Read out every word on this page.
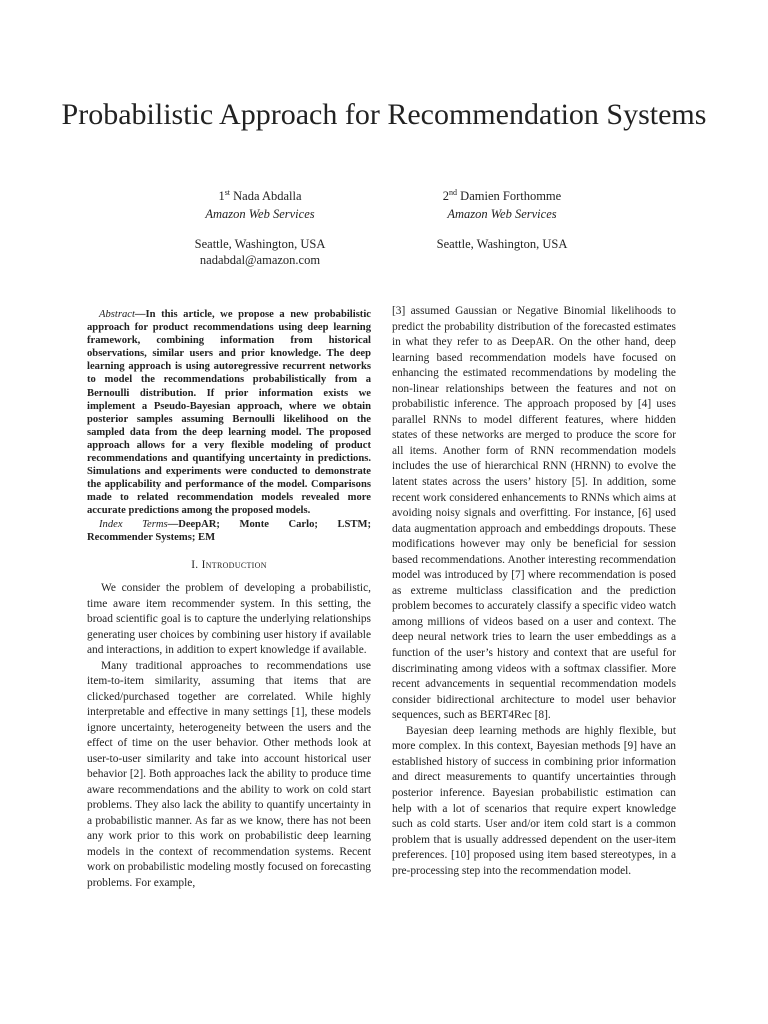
Probabilistic Approach for Recommendation Systems
1st Nada Abdalla
Amazon Web Services
Seattle, Washington, USA
nadabdal@amazon.com
2nd Damien Forthomme
Amazon Web Services
Seattle, Washington, USA

Abstract—In this article, we propose a new probabilistic approach for product recommendations using deep learning framework, combining information from historical observations, similar users and prior knowledge. The deep learning approach is using autoregressive recurrent networks to model the recommendations probabilistically from a Bernoulli distribution. If prior information exists we implement a Pseudo-Bayesian approach, where we obtain posterior samples assuming Bernoulli likelihood on the sampled data from the deep learning model. The proposed approach allows for a very flexible modeling of product recommendations and quantifying uncertainty in predictions. Simulations and experiments were conducted to demonstrate the applicability and performance of the model. Comparisons made to related recommendation models revealed more accurate predictions among the proposed models.

Index Terms—DeepAR; Monte Carlo; LSTM; Recommender Systems; EM

I. Introduction

We consider the problem of developing a probabilistic, time aware item recommender system. In this setting, the broad scientific goal is to capture the underlying relationships generating user choices by combining user history if available and interactions, in addition to expert knowledge if available.

Many traditional approaches to recommendations use item-to-item similarity, assuming that items that are clicked/purchased together are correlated. While highly interpretable and effective in many settings [1], these models ignore uncertainty, heterogeneity between the users and the effect of time on the user behavior. Other methods look at user-to-user similarity and take into account historical user behavior [2]. Both approaches lack the ability to produce time aware recommendations and the ability to work on cold start problems. They also lack the ability to quantify uncertainty in a probabilistic manner. As far as we know, there has not been any work prior to this work on probabilistic deep learning models in the context of recommendation systems. Recent work on probabilistic modeling mostly focused on forecasting problems. For example,

[3] assumed Gaussian or Negative Binomial likelihoods to predict the probability distribution of the forecasted estimates in what they refer to as DeepAR. On the other hand, deep learning based recommendation models have focused on enhancing the estimated recommendations by modeling the non-linear relationships between the features and not on probabilistic inference. The approach proposed by [4] uses parallel RNNs to model different features, where hidden states of these networks are merged to produce the score for all items. Another form of RNN recommendation models includes the use of hierarchical RNN (HRNN) to evolve the latent states across the users’ history [5]. In addition, some recent work considered enhancements to RNNs which aims at avoiding noisy signals and overfitting. For instance, [6] used data augmentation approach and embeddings dropouts. These modifications however may only be beneficial for session based recommendations. Another interesting recommendation model was introduced by [7] where recommendation is posed as extreme multiclass classification and the prediction problem becomes to accurately classify a specific video watch among millions of videos based on a user and context. The deep neural network tries to learn the user embeddings as a function of the user’s history and context that are useful for discriminating among videos with a softmax classifier. More recent advancements in sequential recommendation models consider bidirectional architecture to model user behavior sequences, such as BERT4Rec [8].

Bayesian deep learning methods are highly flexible, but more complex. In this context, Bayesian methods [9] have an established history of success in combining prior information and direct measurements to quantify uncertainties through posterior inference. Bayesian probabilistic estimation can help with a lot of scenarios that require expert knowledge such as cold starts. User and/or item cold start is a common problem that is usually addressed dependent on the user-item preferences. [10] proposed using item based stereotypes, in a pre-processing step into the recommendation model.
